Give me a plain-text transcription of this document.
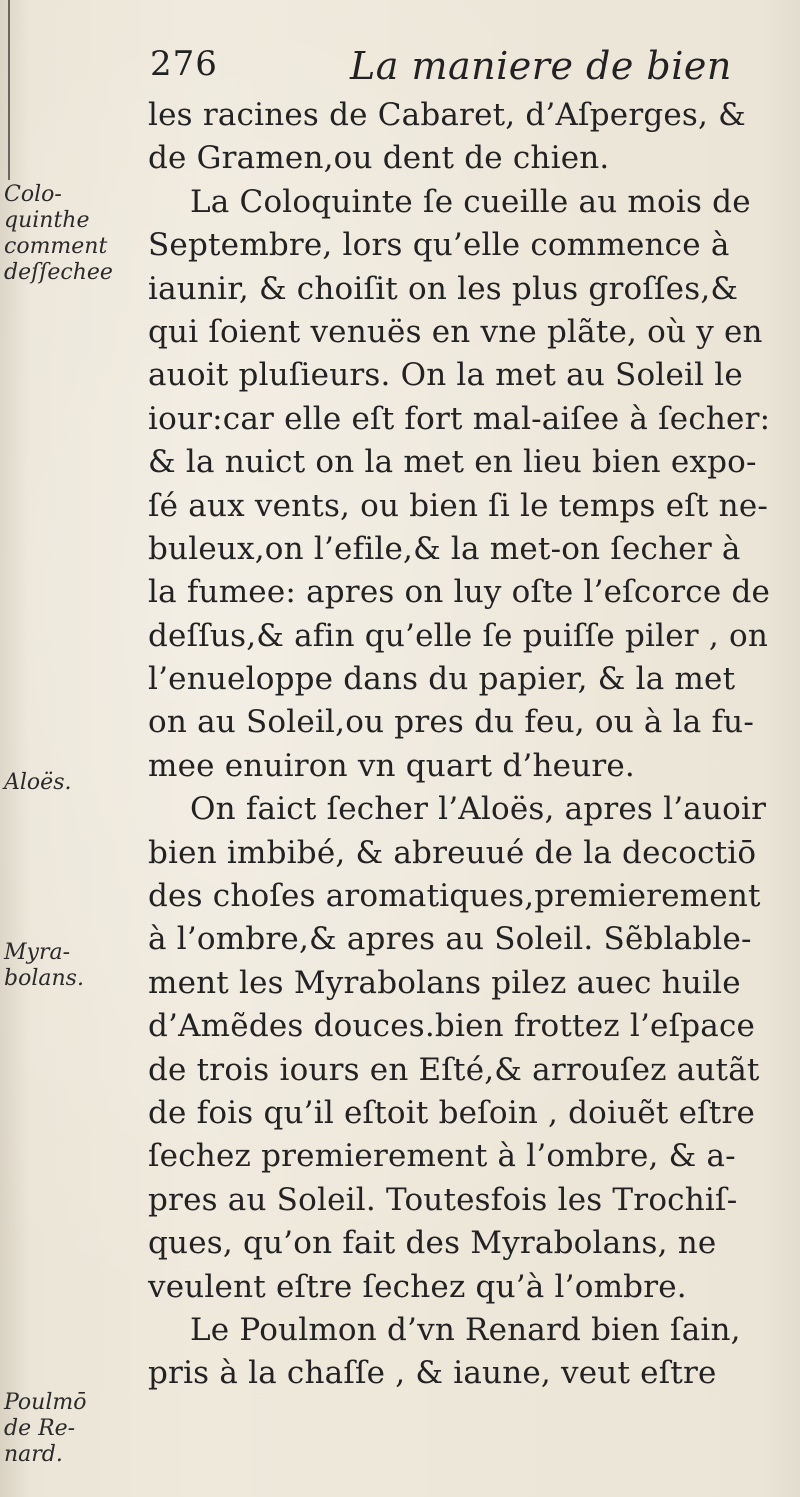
276	La maniere de bien
Colo-
quinthe
comment
deſſechee
Aloës.
Myra-
bolans.
Poulmō
de Re-
nard.
les racines de Cabaret, d’Aſperges, &
de Gramen,ou dent de chien.
La Coloquinte ſe cueille au mois de
Septembre, lors qu’elle commence à
iaunir, & choiſit on les plus groſſes,&
qui ſoient venuës en vne plãte, où y en
auoit pluſieurs. On la met au Soleil le
iour:car elle eſt fort mal-aiſee à ſecher:
& la nuict on la met en lieu bien expo-
ſé aux vents, ou bien ſi le temps eſt ne-
buleux,on l’efile,& la met-on ſecher à
la fumee: apres on luy oſte l’eſcorce de
deſſus,& afin qu’elle ſe puiſſe piler , on
l’enueloppe dans du papier, & la met
on au Soleil,ou pres du feu, ou à la fu-
mee enuiron vn quart d’heure.
On faict ſecher l’Aloës, apres l’auoir
bien imbibé, & abreuué de la decoctiō
des choſes aromatiques,premierement
à l’ombre,& apres au Soleil. Sẽblable-
ment les Myrabolans pilez auec huile
d’Amẽdes douces.bien frottez l’eſpace
de trois iours en Eſté,& arrouſez autãt
de fois qu’il eſtoit beſoin , doiuẽt eſtre
ſechez premierement à l’ombre, & a-
pres au Soleil. Toutesfois les Trochiſ-
ques, qu’on fait des Myrabolans, ne
veulent eſtre ſechez qu’à l’ombre.
Le Poulmon d’vn Renard bien ſain,
pris à la chaſſe , & iaune, veut eſtre
